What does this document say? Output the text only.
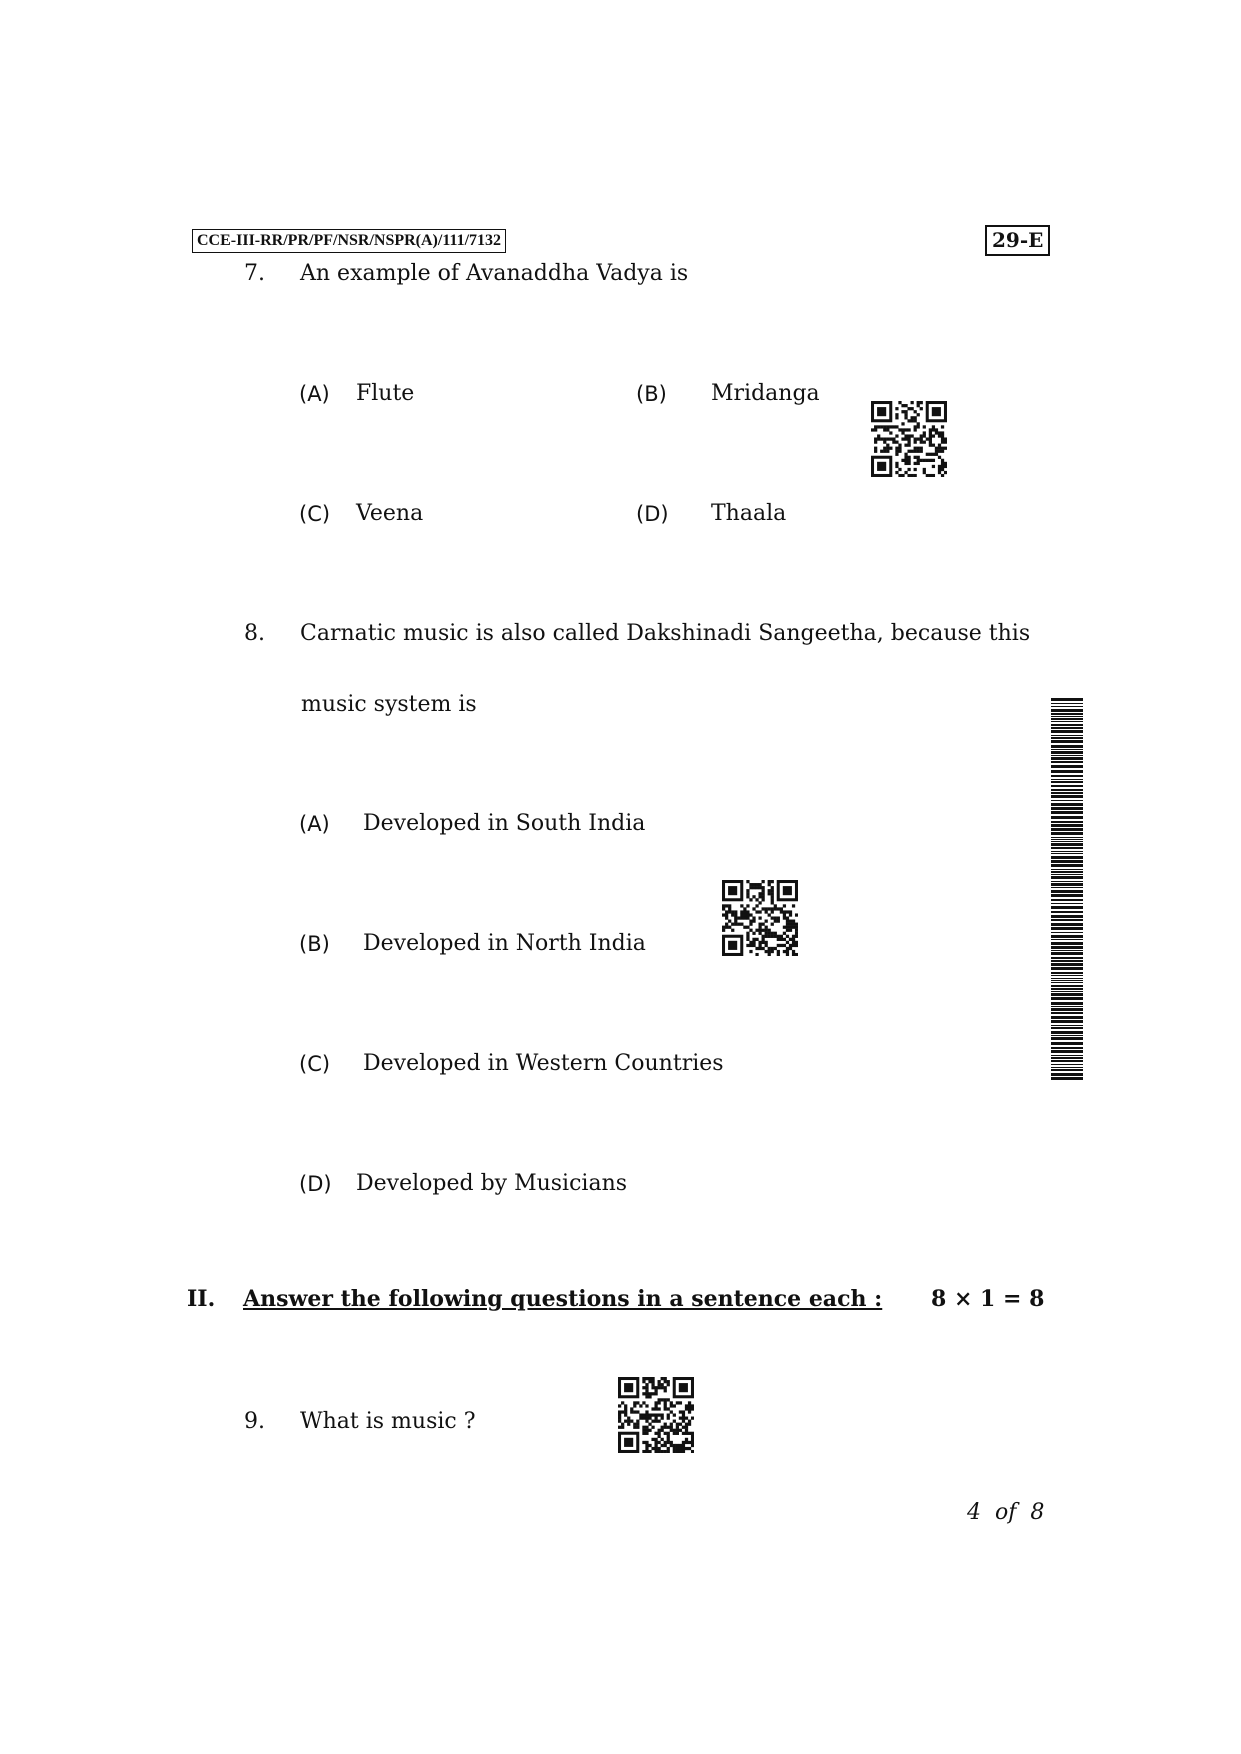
CCE-III-RR/PR/PF/NSR/NSPR(A)/111/7132	29-E
7. An example of Avanaddha Vadya is
(A) Flute	(B) Mridanga
(C) Veena	(D) Thaala
8. Carnatic music is also called Dakshinadi Sangeetha, because this
music system is
(A) Developed in South India
(B) Developed in North India
(C) Developed in Western Countries
(D) Developed by Musicians
II. Answer the following questions in a sentence each : 8 × 1 = 8
9. What is music ?
4 of 8
